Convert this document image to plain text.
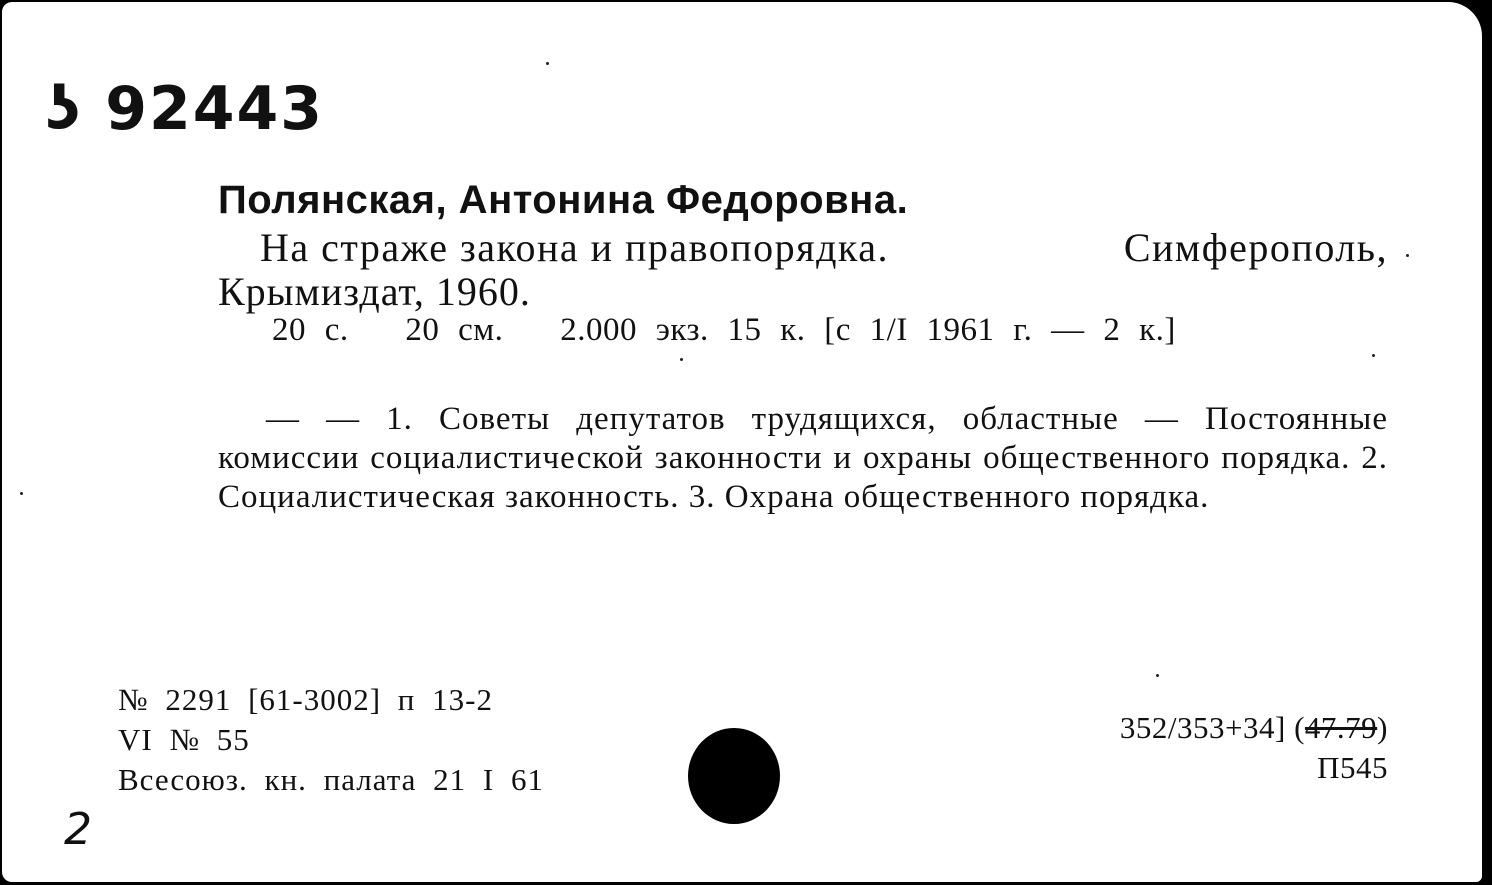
ʖ 92443
Полянская, Антонина Федоровна.
На страже закона и правопорядка.	Симферополь,
Крымиздат, 1960.
20 с. 20 см. 2.000 экз. 15 к. [с 1/I 1961 г. — 2 к.]
— — 1. Советы депутатов трудящихся, областные — Постоянные комиссии социалистической законности и охраны общественного порядка. 2. Социалистическая законность. 3. Охрана общественного порядка.
№ 2291 [61-3002] п 13-2
VI № 55
Всесоюз. кн. палата 21 I 61
352/353+34] (47.79)
П545
2
